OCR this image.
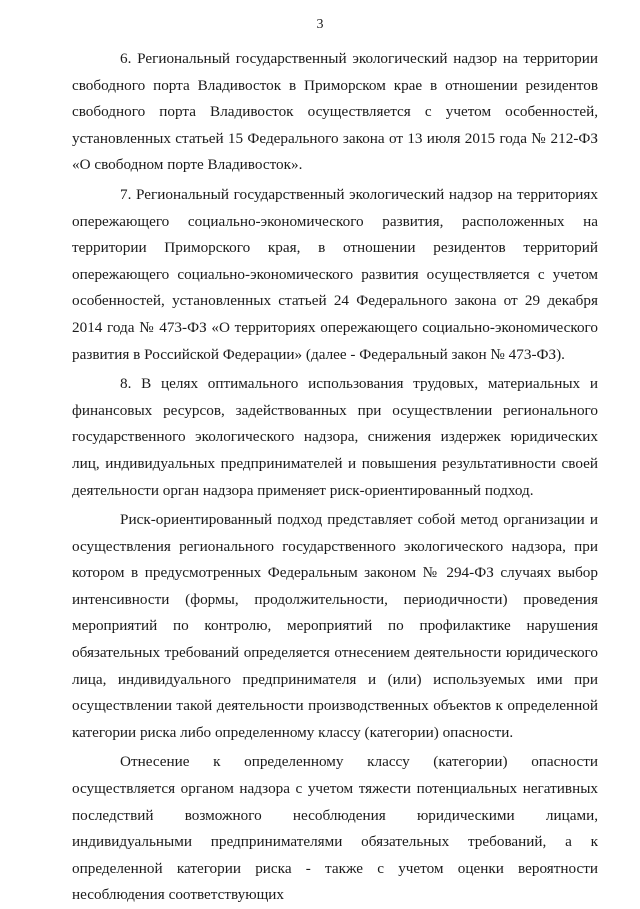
3

6. Региональный государственный экологический надзор на территории свободного порта Владивосток в Приморском крае в отношении резидентов свободного порта Владивосток осуществляется с учетом особенностей, установленных статьей 15 Федерального закона от 13 июля 2015 года № 212-ФЗ «О свободном порте Владивосток».

7. Региональный государственный экологический надзор на территориях опережающего социально-экономического развития, расположенных на территории Приморского края, в отношении резидентов территорий опережающего социально-экономического развития осуществляется с учетом особенностей, установленных статьей 24 Федерального закона от 29 декабря 2014 года № 473-ФЗ «О территориях опережающего социально-экономического развития в Российской Федерации» (далее - Федеральный закон № 473-ФЗ).

8. В целях оптимального использования трудовых, материальных и финансовых ресурсов, задействованных при осуществлении регионального государственного экологического надзора, снижения издержек юридических лиц, индивидуальных предпринимателей и повышения результативности своей деятельности орган надзора применяет риск-ориентированный подход.

Риск-ориентированный подход представляет собой метод организации и осуществления регионального государственного экологического надзора, при котором в предусмотренных Федеральным законом № 294-ФЗ случаях выбор интенсивности (формы, продолжительности, периодичности) проведения мероприятий по контролю, мероприятий по профилактике нарушения обязательных требований определяется отнесением деятельности юридического лица, индивидуального предпринимателя и (или) используемых ими при осуществлении такой деятельности производственных объектов к определенной категории риска либо определенному классу (категории) опасности.

Отнесение к определенному классу (категории) опасности осуществляется органом надзора с учетом тяжести потенциальных негативных последствий возможного несоблюдения юридическими лицами, индивидуальными предпринимателями обязательных требований, а к определенной категории риска - также с учетом оценки вероятности несоблюдения соответствующих
